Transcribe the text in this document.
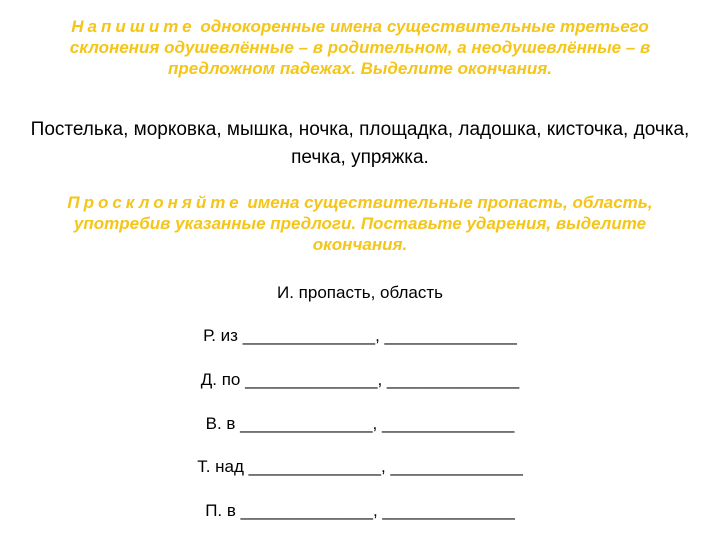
Напишите однокоренные имена существительные третьего склонения одушевлённые – в родительном, а неодушевлённые – в предложном падежах. Выделите окончания.
Постелька, морковка, мышка, ночка, площадка, ладошка, кисточка, дочка, печка, упряжка.
Просклоняйте имена существительные пропасть, область, употребив указанные предлоги. Поставьте ударения, выделите окончания.
И. пропасть, область
Р. из ______________, ______________
Д. по ______________, ______________
В. в ______________, ______________
Т. над ______________, ______________
П. в ______________, ______________
